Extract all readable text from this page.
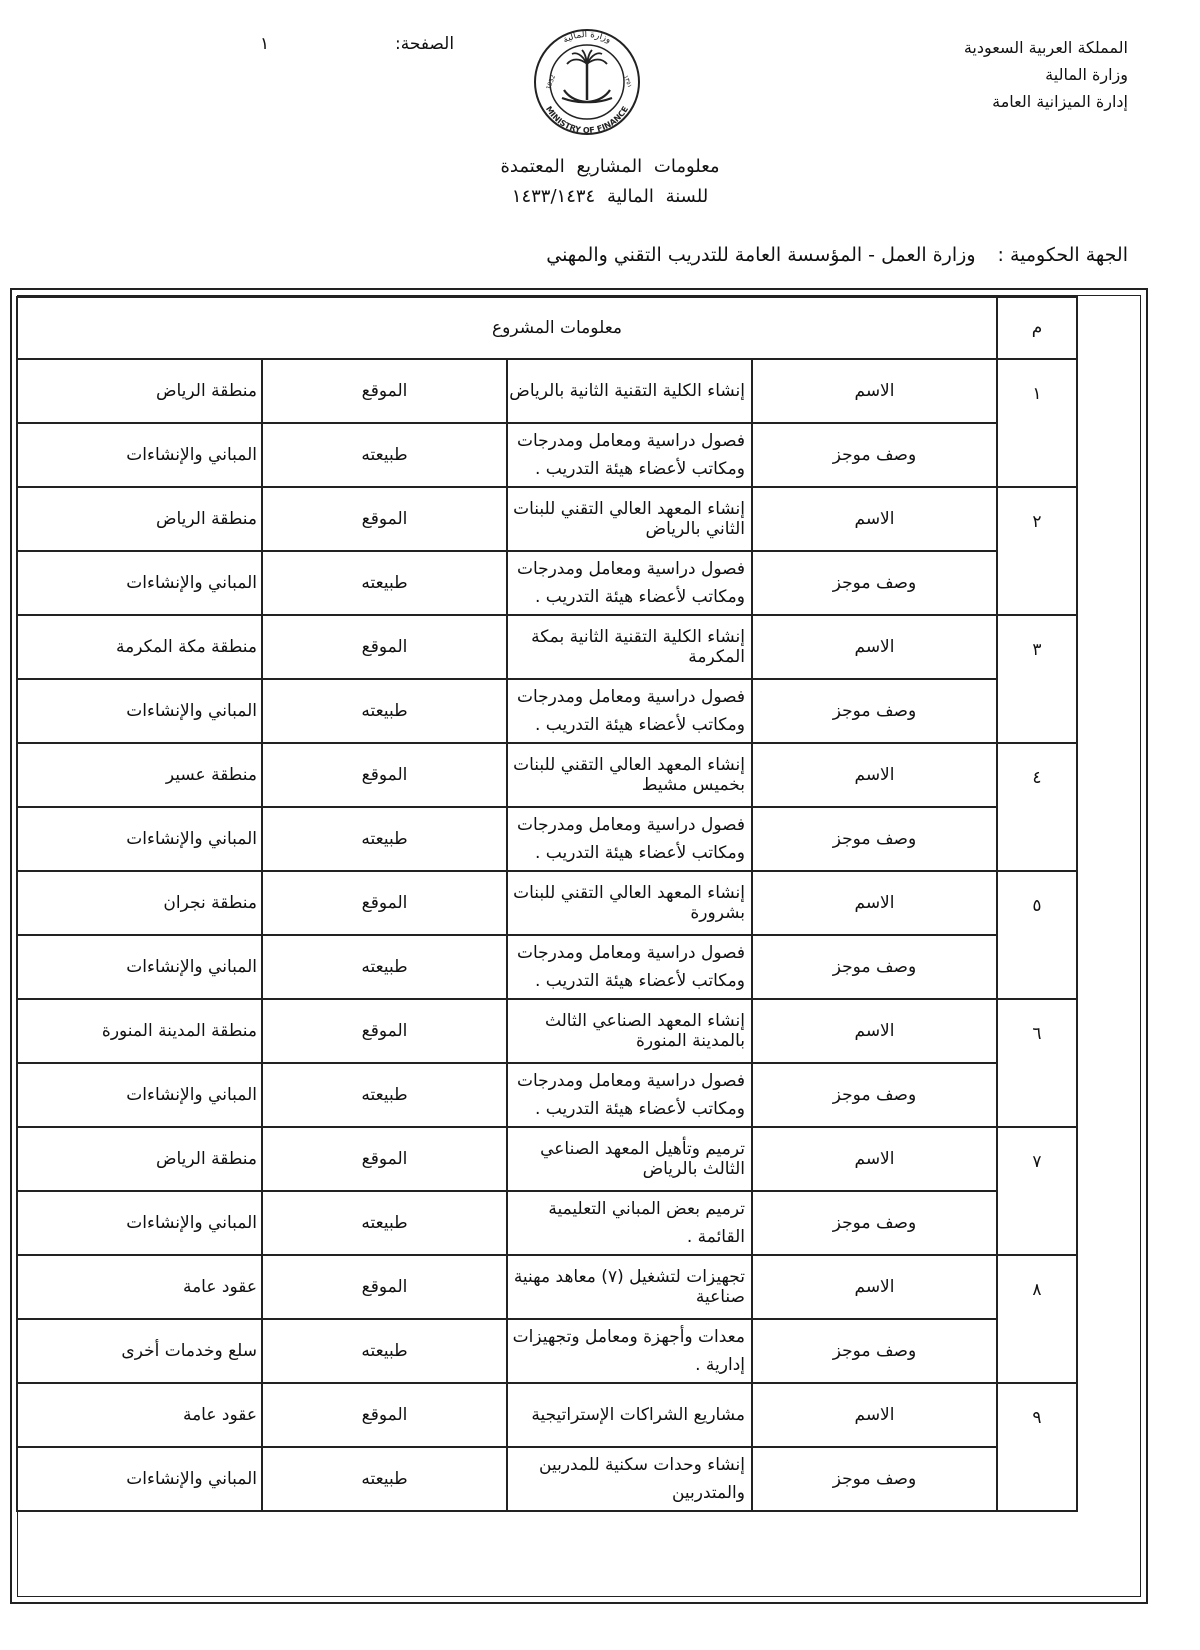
المملكة العربية السعودية
وزارة المالية
إدارة الميزانية العامة
الصفحة:
١	وزارة المالية
MINISTRY OF FINANCE
1932	١٣٥١
معلومات المشاريع المعتمدة
للسنة المالية ١٤٣٣/١٤٣٤
الجهة الحكومية :وزارة العمل - المؤسسة العامة للتدريب التقني والمهني
م	معلومات المشروع			
١	الاسم	إنشاء الكلية التقنية الثانية بالرياض	الموقع	منطقة الرياض
	وصف موجز	فصول دراسية ومعامل ومدرجات ومكاتب لأعضاء هيئة التدريب .	طبيعته	المباني والإنشاءات
٢	الاسم	إنشاء المعهد العالي التقني للبنات الثاني بالرياض	الموقع	منطقة الرياض
	وصف موجز	فصول دراسية ومعامل ومدرجات ومكاتب لأعضاء هيئة التدريب .	طبيعته	المباني والإنشاءات
٣	الاسم	إنشاء الكلية التقنية الثانية بمكة المكرمة	الموقع	منطقة مكة المكرمة
	وصف موجز	فصول دراسية ومعامل ومدرجات ومكاتب لأعضاء هيئة التدريب .	طبيعته	المباني والإنشاءات
٤	الاسم	إنشاء المعهد العالي التقني للبنات بخميس مشيط	الموقع	منطقة عسير
	وصف موجز	فصول دراسية ومعامل ومدرجات ومكاتب لأعضاء هيئة التدريب .	طبيعته	المباني والإنشاءات
٥	الاسم	إنشاء المعهد العالي التقني للبنات بشرورة	الموقع	منطقة نجران
	وصف موجز	فصول دراسية ومعامل ومدرجات ومكاتب لأعضاء هيئة التدريب .	طبيعته	المباني والإنشاءات
٦	الاسم	إنشاء المعهد الصناعي الثالث بالمدينة المنورة	الموقع	منطقة المدينة المنورة
	وصف موجز	فصول دراسية ومعامل ومدرجات ومكاتب لأعضاء هيئة التدريب .	طبيعته	المباني والإنشاءات
٧	الاسم	ترميم وتأهيل المعهد الصناعي الثالث بالرياض	الموقع	منطقة الرياض
	وصف موجز	ترميم بعض المباني التعليمية القائمة .	طبيعته	المباني والإنشاءات
٨	الاسم	تجهيزات لتشغيل (٧) معاهد مهنية صناعية	الموقع	عقود عامة
	وصف موجز	معدات وأجهزة ومعامل وتجهيزات إدارية .	طبيعته	سلع وخدمات أخرى
٩	الاسم	مشاريع الشراكات الإستراتيجية	الموقع	عقود عامة
	وصف موجز	إنشاء وحدات سكنية للمدربين والمتدربين	طبيعته	المباني والإنشاءات
